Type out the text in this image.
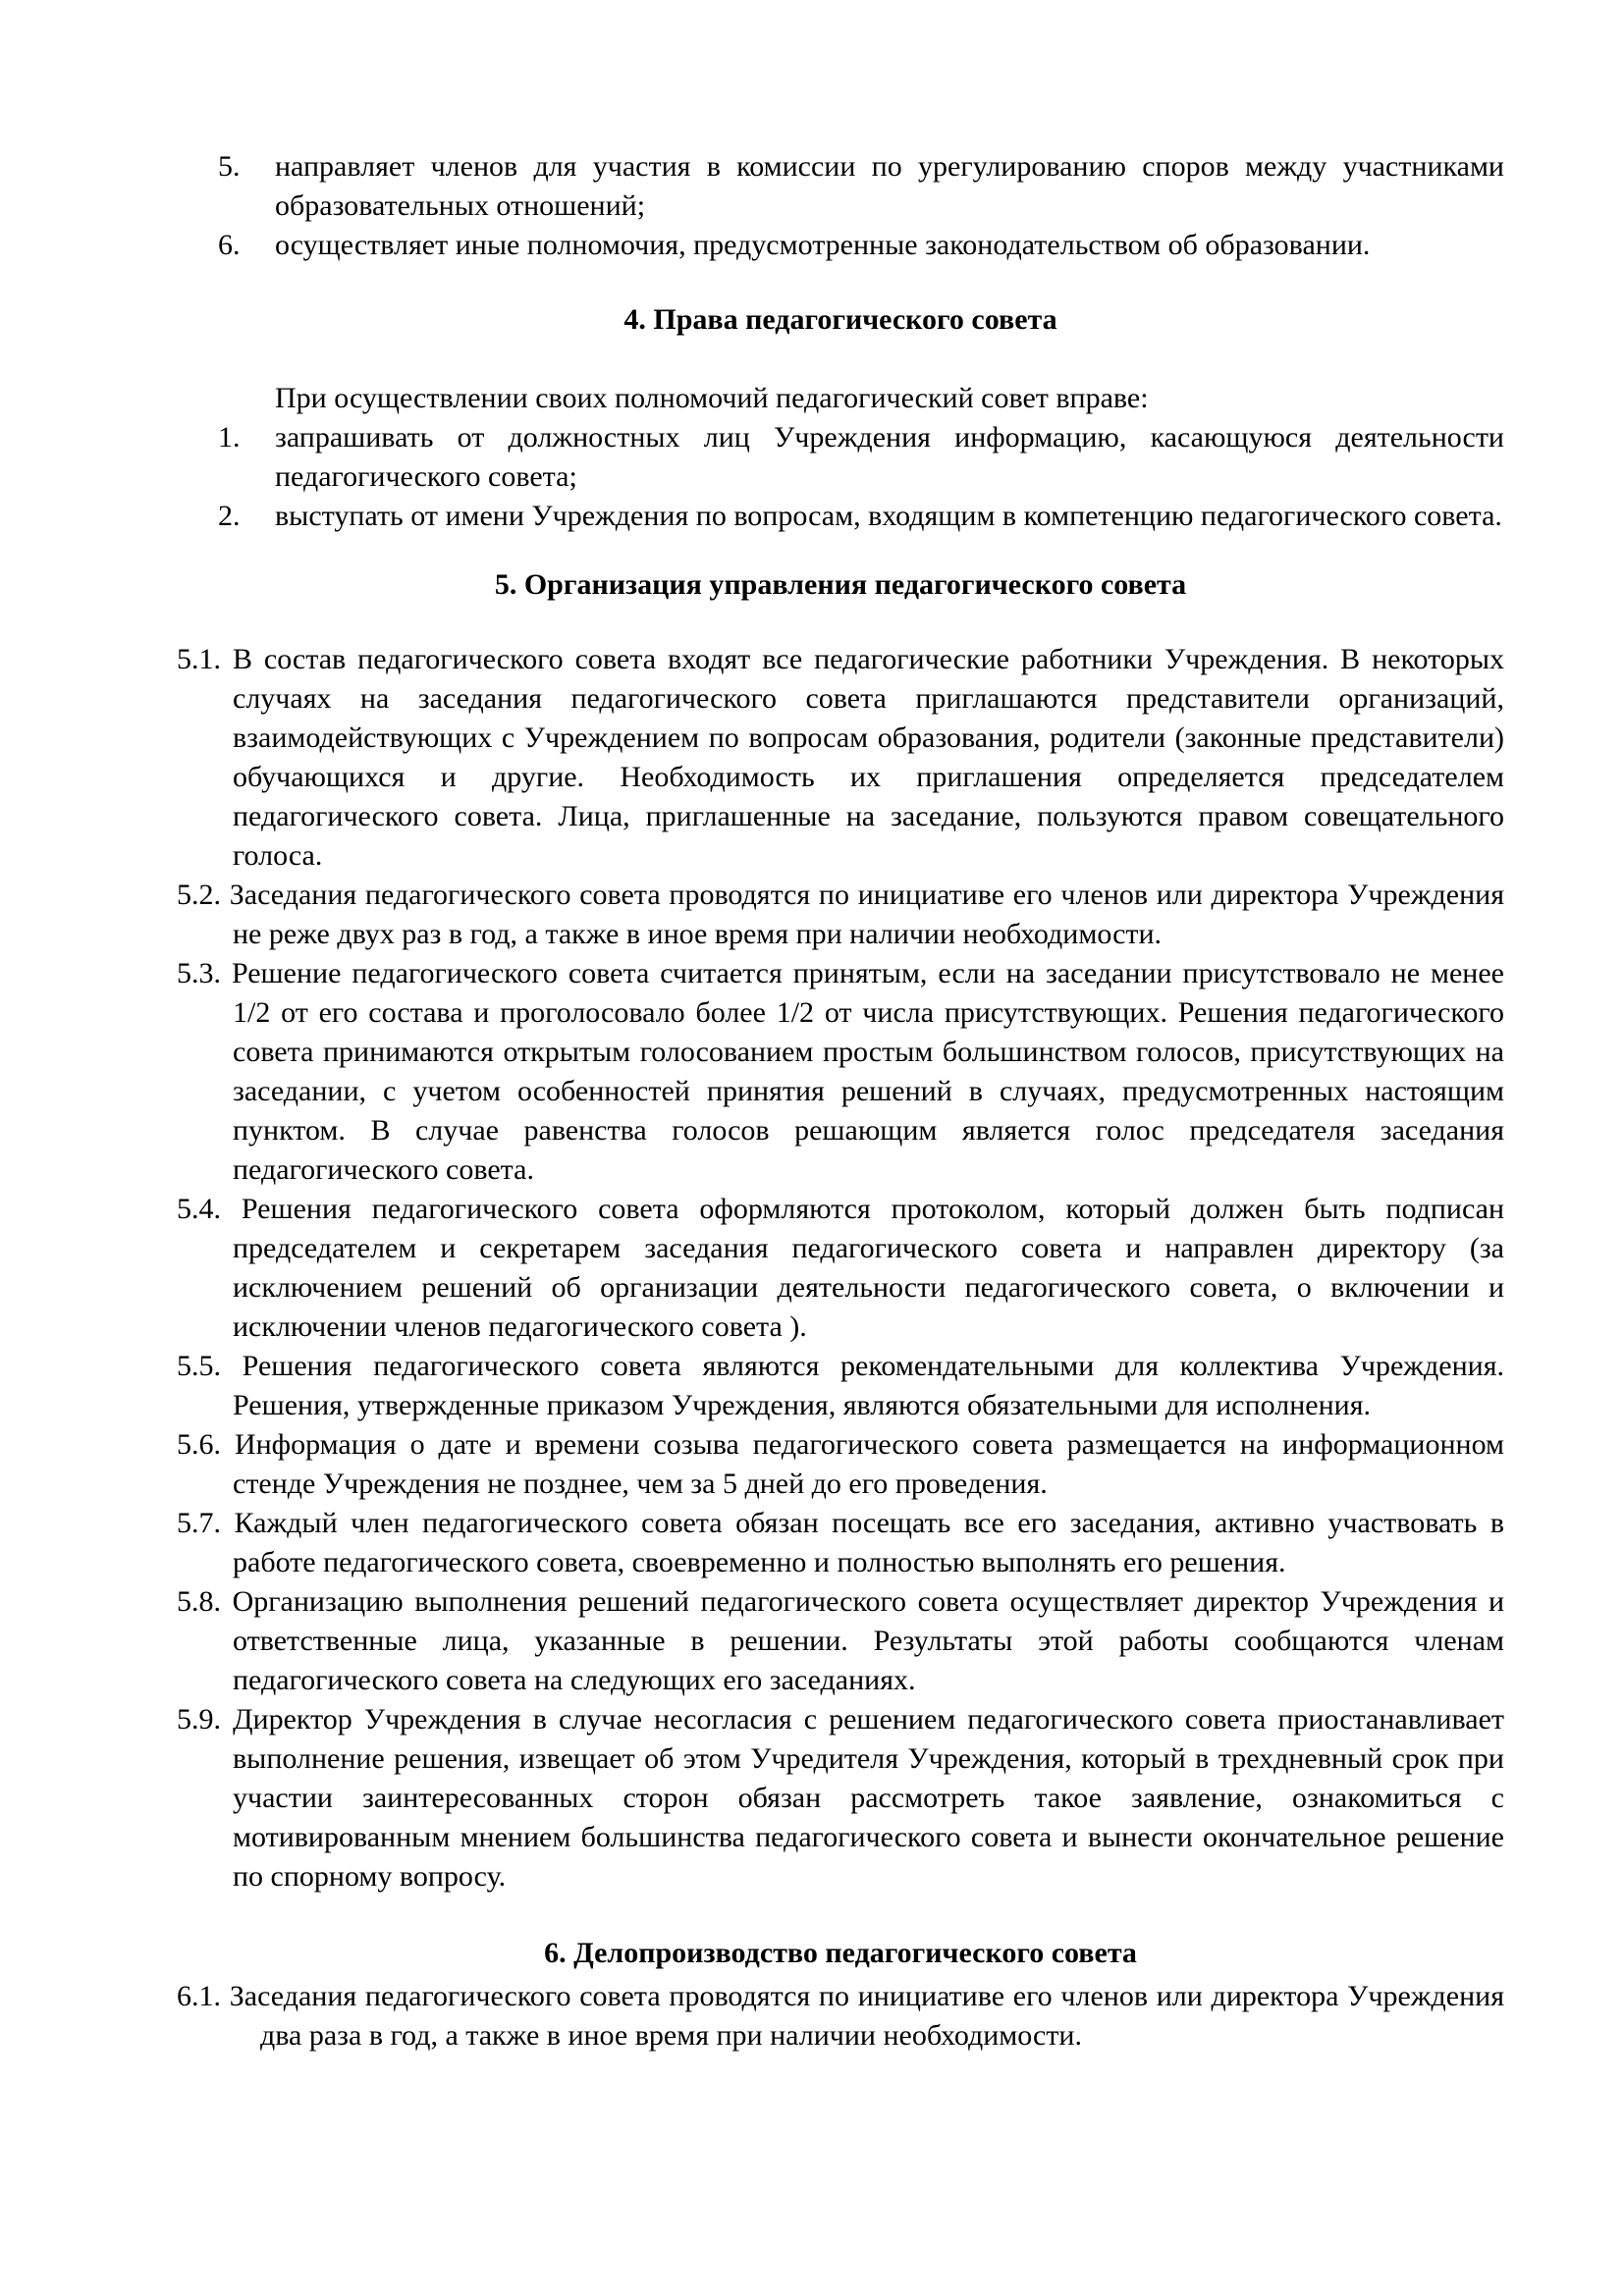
5. направляет членов для участия в комиссии по урегулированию споров между участниками образовательных отношений;
6. осуществляет иные полномочия, предусмотренные законодательством об образовании.
4. Права педагогического совета

При осуществлении своих полномочий педагогический совет вправе:

1. запрашивать от должностных лиц Учреждения информацию, касающуюся деятельности педагогического совета;
2. выступать от имени Учреждения по вопросам, входящим в компетенцию педагогического совета.
5. Организация управления педагогического совета
5.1. В состав педагогического совета входят все педагогические работники Учреждения. В некоторых случаях на заседания педагогического совета приглашаются представители организаций, взаимодействующих с Учреждением по вопросам образования, родители (законные представители) обучающихся и другие. Необходимость их приглашения определяется председателем педагогического совета. Лица, приглашенные на заседание, пользуются правом совещательного голоса.
5.2. Заседания педагогического совета проводятся по инициативе его членов или директора Учреждения не реже двух раз в год, а также в иное время при наличии необходимости.
5.3. Решение педагогического совета считается принятым, если на заседании присутствовало не менее 1/2 от его состава и проголосовало более 1/2 от числа присутствующих. Решения педагогического совета принимаются открытым голосованием простым большинством голосов, присутствующих на заседании, с учетом особенностей принятия решений в случаях, предусмотренных настоящим пунктом. В случае равенства голосов решающим является голос председателя заседания педагогического совета.
5.4. Решения педагогического совета оформляются протоколом, который должен быть подписан председателем и секретарем заседания педагогического совета и направлен директору (за исключением решений об организации деятельности педагогического совета, о включении и исключении членов педагогического совета ).
5.5. Решения педагогического совета являются рекомендательными для коллектива Учреждения. Решения, утвержденные приказом Учреждения, являются обязательными для исполнения.
5.6. Информация о дате и времени созыва педагогического совета размещается на информационном стенде Учреждения не позднее, чем за 5 дней до его проведения.
5.7. Каждый член педагогического совета обязан посещать все его заседания, активно участвовать в работе педагогического совета, своевременно и полностью выполнять его решения.
5.8. Организацию выполнения решений педагогического совета осуществляет директор Учреждения и ответственные лица, указанные в решении. Результаты этой работы сообщаются членам педагогического совета на следующих его заседаниях.
5.9. Директор Учреждения в случае несогласия с решением педагогического совета приостанавливает выполнение решения, извещает об этом Учредителя Учреждения, который в трехдневный срок при участии заинтересованных сторон обязан рассмотреть такое заявление, ознакомиться с мотивированным мнением большинства педагогического совета и вынести окончательное решение по спорному вопросу.
6. Делопроизводство педагогического совета
6.1. Заседания педагогического совета проводятся по инициативе его членов или директора Учреждения два раза в год, а также в иное время при наличии необходимости.
